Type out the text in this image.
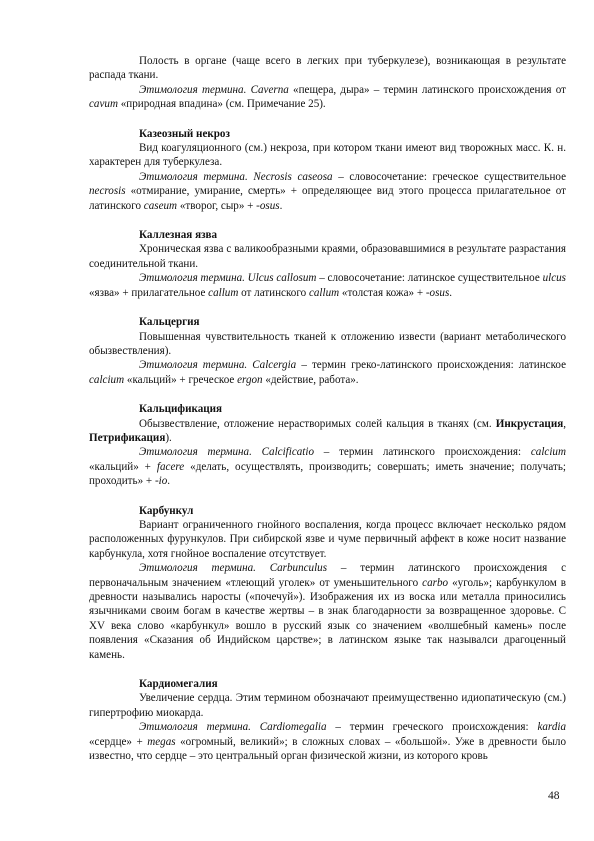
Полость в органе (чаще всего в легких при туберкулезе), возникающая в результате распада ткани.

Этимология термина. Caverna «пещера, дыра» – термин латинского происхождения от cavum «природная впадина» (см. Примечание 25).

Казеозный некроз

Вид коагуляционного (см.) некроза, при котором ткани имеют вид творожных масс. К. н. характерен для туберкулеза.

Этимология термина. Necrosis caseosa – словосочетание: греческое существительное necrosis «отмирание, умирание, смерть» + определяющее вид этого процесса прилагательное от латинского caseum «творог, сыр» + -osus.

Каллезная язва

Хроническая язва с валикообразными краями, образовавшимися в результате разрастания соединительной ткани.

Этимология термина. Ulcus callosum – словосочетание: латинское существительное ulcus «язва» + прилагательное callum от латинского callum «толстая кожа» + -osus.

Кальцергия

Повышенная чувствительность тканей к отложению извести (вариант метаболического обызвествления).

Этимология термина. Calcergia – термин греко-латинского происхождения: латинское calcium «кальций» + греческое ergon «действие, работа».

Кальцификация

Обызвествление, отложение нерастворимых солей кальция в тканях (см. Инкрустация, Петрификация).

Этимология термина. Calcificatio – термин латинского происхождения: calcium «кальций» + facere «делать, осуществлять, производить; совершать; иметь значение; получать; проходить» + -io.

Карбункул

Вариант ограниченного гнойного воспаления, когда процесс включает несколько рядом расположенных фурункулов. При сибирской язве и чуме первичный аффект в коже носит название карбункула, хотя гнойное воспаление отсутствует.

Этимология термина. Carbunculus – термин латинского происхождения с первоначальным значением «тлеющий уголек» от уменьшительного carbo «уголь»; карбункулом в древности назывались наросты («почечуй»). Изображения их из воска или металла приносились язычниками своим богам в качестве жертвы – в знак благодарности за возвращенное здоровье. С XV века слово «карбункул» вошло в русский язык со значением «волшебный камень» после появления «Сказания об Индийском царстве»; в латинском языке так называлси драгоценный камень.

Кардиомегалия

Увеличение сердца. Этим термином обозначают преимущественно идиопатическую (см.) гипертрофию миокарда.

Этимология термина. Cardiomegalia – термин греческого происхождения: kardia «сердце» + megas «огромный, великий»; в сложных словах – «большой». Уже в древности было известно, что сердце – это центральный орган физической жизни, из которого кровь

48
